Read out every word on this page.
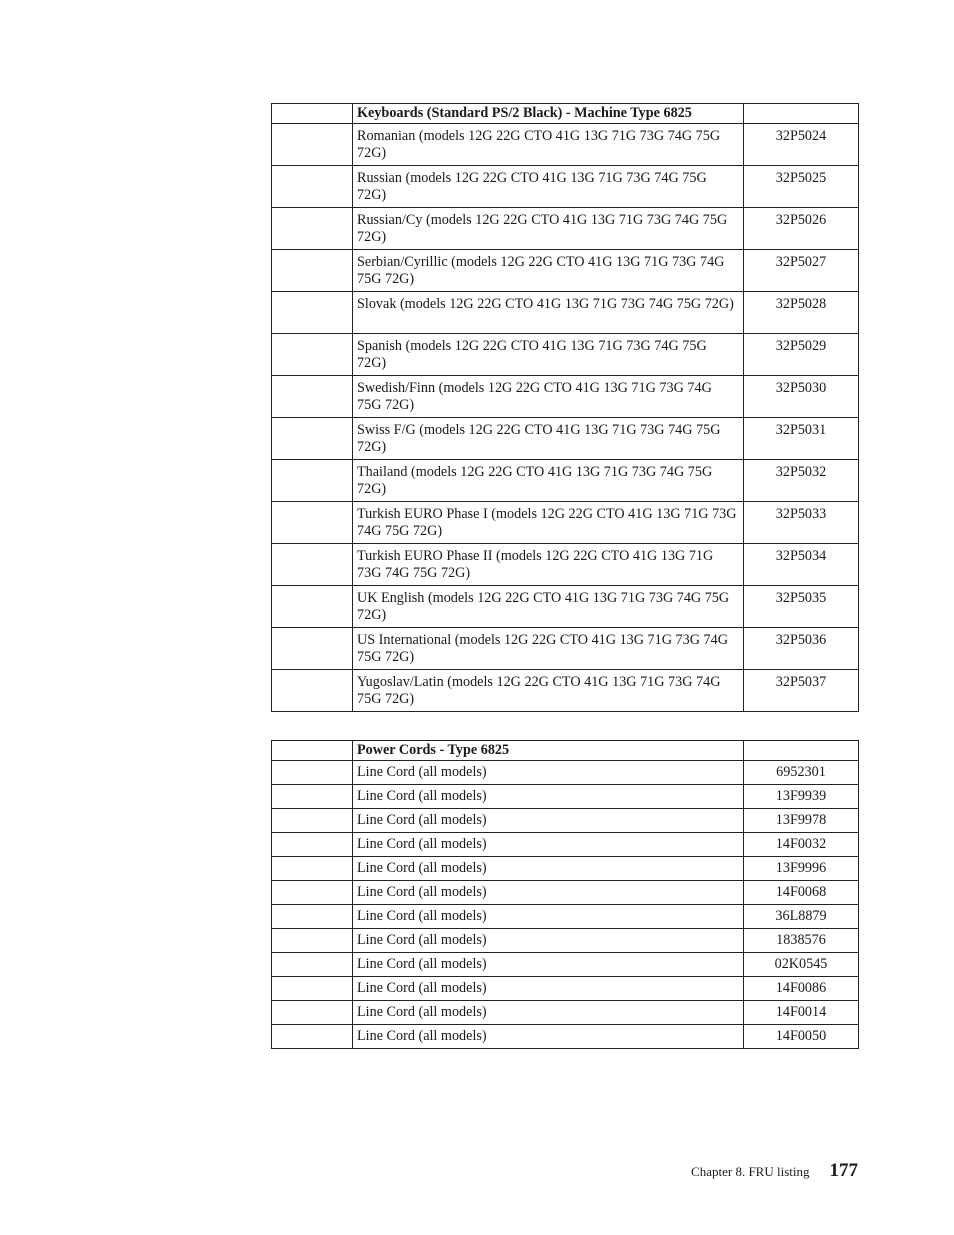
	Keyboards (Standard PS/2 Black) - Machine Type 6825	
	Romanian (models 12G 22G CTO 41G 13G 71G 73G 74G 75G 72G)	32P5024
	Russian (models 12G 22G CTO 41G 13G 71G 73G 74G 75G 72G)	32P5025
	Russian/Cy (models 12G 22G CTO 41G 13G 71G 73G 74G 75G 72G)	32P5026
	Serbian/Cyrillic (models 12G 22G CTO 41G 13G 71G 73G 74G 75G 72G)	32P5027
	Slovak (models 12G 22G CTO 41G 13G 71G 73G 74G 75G 72G)	32P5028
	Spanish (models 12G 22G CTO 41G 13G 71G 73G 74G 75G 72G)	32P5029
	Swedish/Finn (models 12G 22G CTO 41G 13G 71G 73G 74G 75G 72G)	32P5030
	Swiss F/G (models 12G 22G CTO 41G 13G 71G 73G 74G 75G 72G)	32P5031
	Thailand (models 12G 22G CTO 41G 13G 71G 73G 74G 75G 72G)	32P5032
	Turkish EURO Phase I (models 12G 22G CTO 41G 13G 71G 73G 74G 75G 72G)	32P5033
	Turkish EURO Phase II (models 12G 22G CTO 41G 13G 71G 73G 74G 75G 72G)	32P5034
	UK English (models 12G 22G CTO 41G 13G 71G 73G 74G 75G 72G)	32P5035
	US International (models 12G 22G CTO 41G 13G 71G 73G 74G 75G 72G)	32P5036
	Yugoslav/Latin (models 12G 22G CTO 41G 13G 71G 73G 74G 75G 72G)	32P5037
	Power Cords - Type 6825	
	Line Cord (all models)	6952301
	Line Cord (all models)	13F9939
	Line Cord (all models)	13F9978
	Line Cord (all models)	14F0032
	Line Cord (all models)	13F9996
	Line Cord (all models)	14F0068
	Line Cord (all models)	36L8879
	Line Cord (all models)	1838576
	Line Cord (all models)	02K0545
	Line Cord (all models)	14F0086
	Line Cord (all models)	14F0014
	Line Cord (all models)	14F0050
Chapter 8. FRU listing 177
